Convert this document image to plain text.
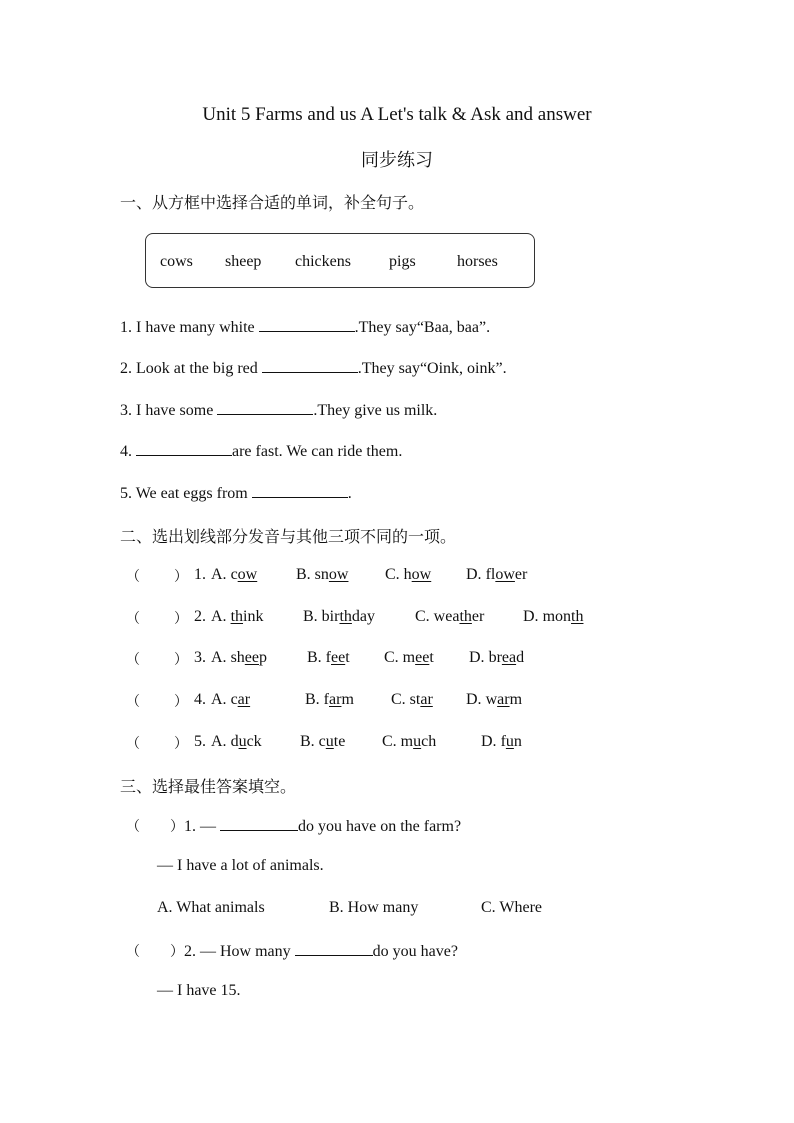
Unit 5 Farms and us A Let's talk & Ask and answer
同步练习
一、从方框中选择合适的单词，补全句子。
cows sheep chickens pigs	horses
1. I have many white	.They say“Baa, baa”.
2. Look at the big red	.They say“Oink, oink”.
3. I have some	.They give us milk.
4.	are fast. We can ride them.
5. We eat eggs from	.
二、选出划线部分发音与其他三项不同的一项。
（ ） 1. A. cow B. snow C. how D. flower
（ ） 2. A. think B. birthday C. weather D. month
（ ） 3. A. sheep	B. feet C. meet D. bread
（ ） 4. A. car	B. farm C. star D. warm
（ ） 5. A. duck B. cute C. much	D. fun
三、选择最佳答案填空。
（ ）1. —	do you have on the farm?
— I have a lot of animals.
A. What animals	B. How many	C. Where
（ ）2. — How many	do you have?
— I have 15.
